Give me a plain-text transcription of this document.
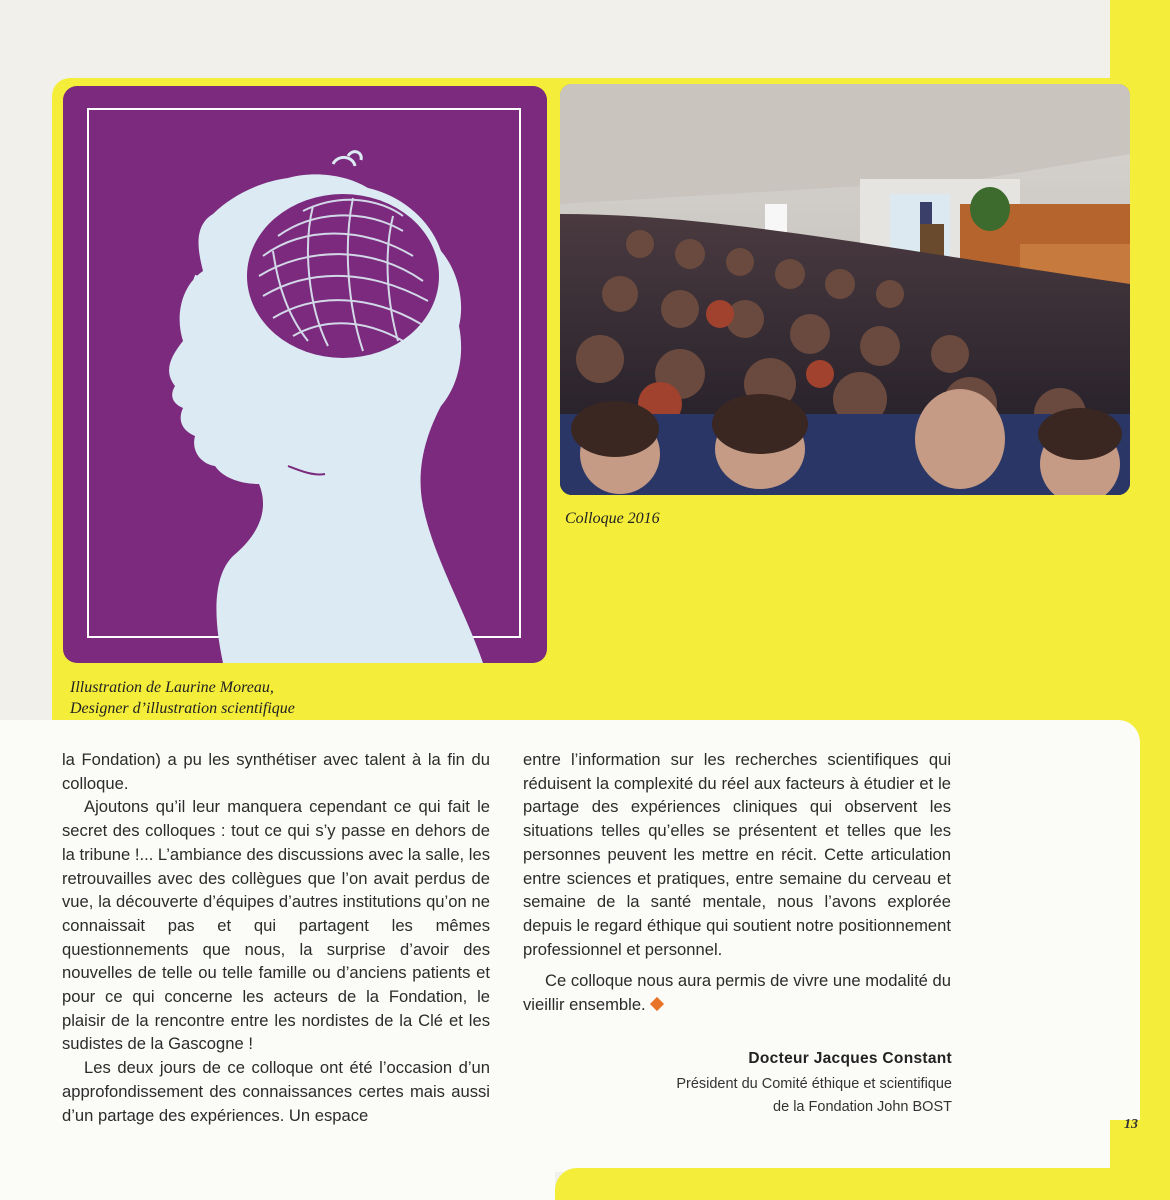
Colloque 2016
Illustration de Laurine Moreau,
Designer d’illustration scientifique

la Fondation) a pu les synthétiser avec talent à la fin du colloque.

Ajoutons qu’il leur manquera cependant ce qui fait le secret des colloques : tout ce qui s’y passe en dehors de la tribune !... L’ambiance des discussions avec la salle, les retrouvailles avec des collègues que l’on avait perdus de vue, la découverte d’équipes d’autres institutions qu’on ne connaissait pas et qui partagent les mêmes questionnements que nous, la surprise d’avoir des nouvelles de telle ou telle famille ou d’anciens patients et pour ce qui concerne les acteurs de la Fondation, le plaisir de la rencontre entre les nordistes de la Clé et les sudistes de la Gascogne !

Les deux jours de ce colloque ont été l’occasion d’un approfondissement des connaissances certes mais aussi d’un partage des expériences. Un espace

entre l’information sur les recherches scientifiques qui réduisent la complexité du réel aux facteurs à étudier et le partage des expériences cliniques qui observent les situations telles qu’elles se présentent et telles que les personnes peuvent les mettre en récit. Cette articulation entre sciences et pratiques, entre semaine du cerveau et semaine de la santé mentale, nous l’avons explorée depuis le regard éthique qui soutient notre positionnement professionnel et personnel.

Ce colloque nous aura permis de vivre une modalité du vieillir ensemble.

Docteur Jacques Constant
Président du Comité éthique et scientifique
de la Fondation John BOST
13
